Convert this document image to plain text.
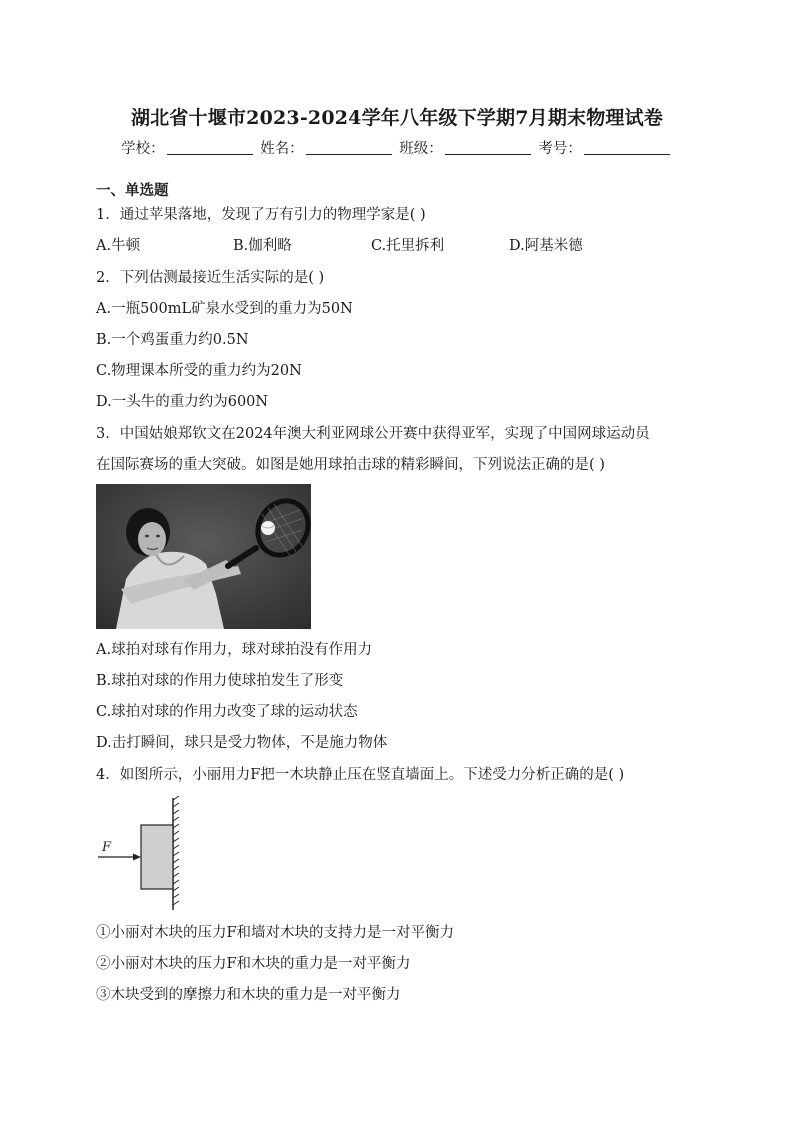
湖北省十堰市2023-2024学年八年级下学期7月期末物理试卷
学校：	姓名：	班级：	考号：
一、单选题
1．通过苹果落地，发现了万有引力的物理学家是( )
A.牛顿	B.伽利略	C.托里拆利	D.阿基米德
2．下列估测最接近生活实际的是( )
A.一瓶500mL矿泉水受到的重力为50N
B.一个鸡蛋重力约0.5N
C.物理课本所受的重力约为20N
D.一头牛的重力约为600N
3．中国姑娘郑钦文在2024年澳大利亚网球公开赛中获得亚军，实现了中国网球运动员
在国际赛场的重大突破。如图是她用球拍击球的精彩瞬间，下列说法正确的是( )
A.球拍对球有作用力，球对球拍没有作用力
B.球拍对球的作用力使球拍发生了形变
C.球拍对球的作用力改变了球的运动状态
D.击打瞬间，球只是受力物体，不是施力物体
4．如图所示，小丽用力F把一木块静止压在竖直墙面上。下述受力分析正确的是( )
F
①小丽对木块的压力F和墙对木块的支持力是一对平衡力
②小丽对木块的压力F和木块的重力是一对平衡力
③木块受到的摩擦力和木块的重力是一对平衡力
